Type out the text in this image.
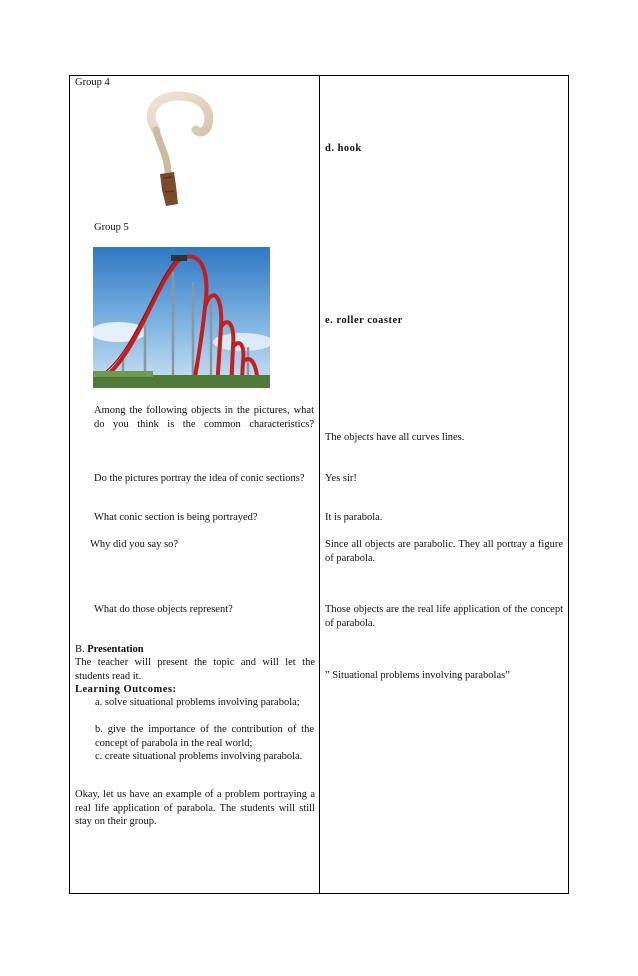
Group 4
Group 5
Among the following objects in the pictures, what do you think is the common characteristics?
Do the pictures portray the idea of conic sections?
What conic section is being portrayed?
Why did you say so?
What do those objects represent?
B. Presentation
The teacher will present the topic and will let the students read it.
Learning Outcomes:
a. solve situational problems involving parabola;
b. give the importance of the contribution of the concept of parabola in the real world;
c. create situational problems involving parabola.
Okay, let us have an example of a problem portraying a real life application of parabola. The students will still stay on their group.
d. hook
e. roller coaster
The objects have all curves lines.
Yes sir!
It is parabola.
Since all objects are parabolic. They all portray a figure of parabola.
Those objects are the real life application of the concept of parabola.
” Situational problems involving parabolas”
